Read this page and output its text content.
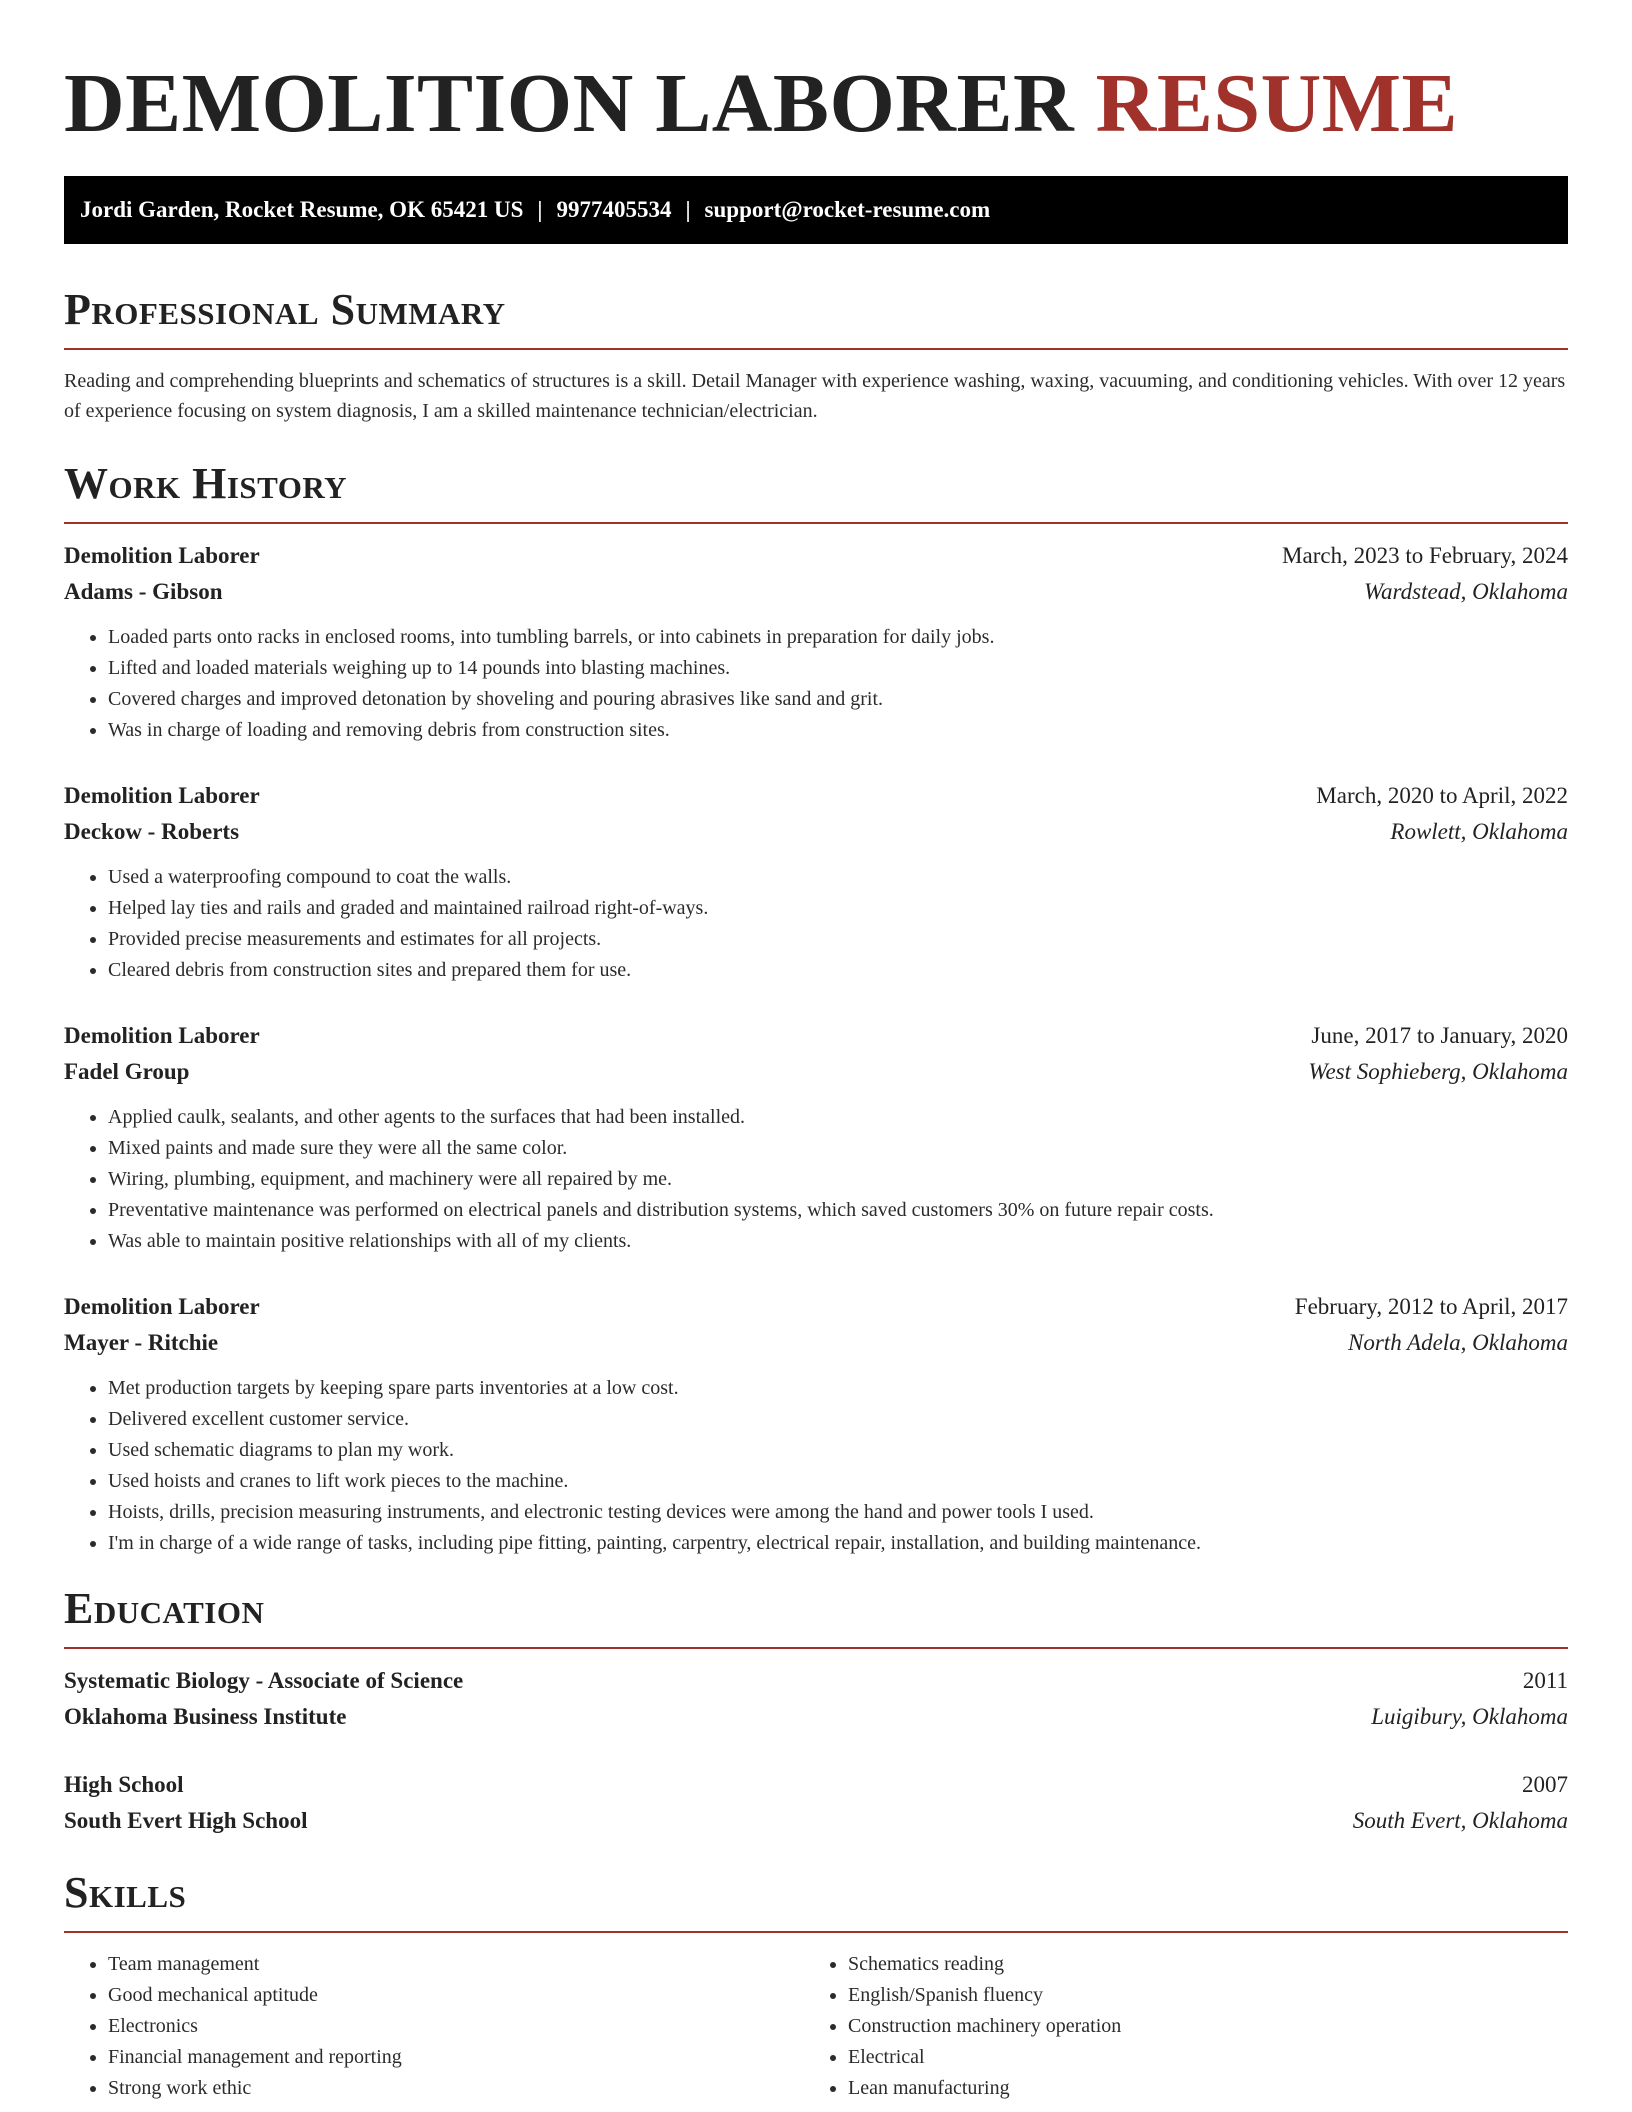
DEMOLITION LABORER RESUME
Jordi Garden, Rocket Resume, OK 65421 US | 9977405534 | support@rocket-resume.com
Professional Summary
Reading and comprehending blueprints and schematics of structures is a skill. Detail Manager with experience washing, waxing, vacuuming, and conditioning vehicles. With over 12 years of experience focusing on system diagnosis, I am a skilled maintenance technician/electrician.
Work History
Demolition Laborer	March, 2023 to February, 2024
Adams - Gibson	Wardstead, Oklahoma
• Loaded parts onto racks in enclosed rooms, into tumbling barrels, or into cabinets in preparation for daily jobs.
• Lifted and loaded materials weighing up to 14 pounds into blasting machines.
• Covered charges and improved detonation by shoveling and pouring abrasives like sand and grit.
• Was in charge of loading and removing debris from construction sites.
Demolition Laborer	March, 2020 to April, 2022
Deckow - Roberts	Rowlett, Oklahoma
• Used a waterproofing compound to coat the walls.
• Helped lay ties and rails and graded and maintained railroad right-of-ways.
• Provided precise measurements and estimates for all projects.
• Cleared debris from construction sites and prepared them for use.
Demolition Laborer	June, 2017 to January, 2020
Fadel Group	West Sophieberg, Oklahoma
• Applied caulk, sealants, and other agents to the surfaces that had been installed.
• Mixed paints and made sure they were all the same color.
• Wiring, plumbing, equipment, and machinery were all repaired by me.
• Preventative maintenance was performed on electrical panels and distribution systems, which saved customers 30% on future repair costs.
• Was able to maintain positive relationships with all of my clients.
Demolition Laborer	February, 2012 to April, 2017
Mayer - Ritchie	North Adela, Oklahoma
• Met production targets by keeping spare parts inventories at a low cost.
• Delivered excellent customer service.
• Used schematic diagrams to plan my work.
• Used hoists and cranes to lift work pieces to the machine.
• Hoists, drills, precision measuring instruments, and electronic testing devices were among the hand and power tools I used.
• I'm in charge of a wide range of tasks, including pipe fitting, painting, carpentry, electrical repair, installation, and building maintenance.
Education
Systematic Biology - Associate of Science	2011
Oklahoma Business Institute	Luigibury, Oklahoma
High School	2007
South Evert High School	South Evert, Oklahoma
Skills
• Team management
• Good mechanical aptitude
• Electronics
• Financial management and reporting
• Strong work ethic
• Schematics reading
• English/Spanish fluency
• Construction machinery operation
• Electrical
• Lean manufacturing
